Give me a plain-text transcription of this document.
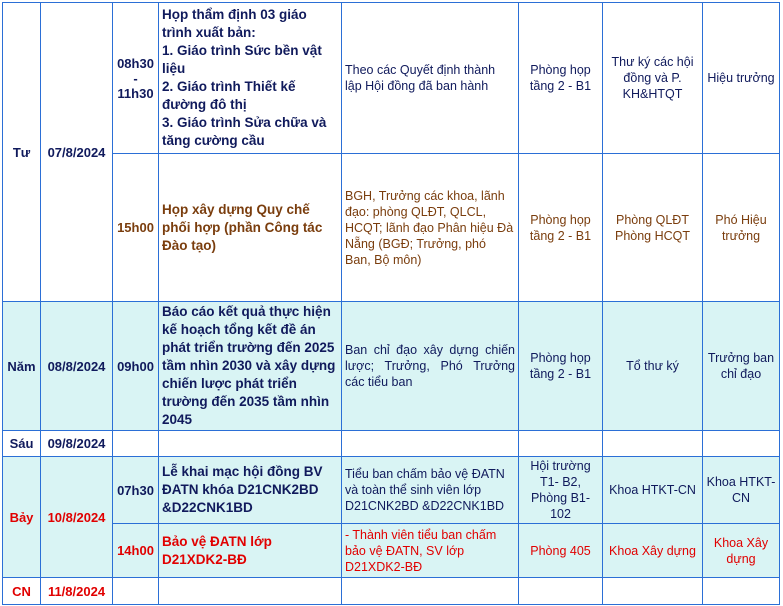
Tư	07/8/2024	08h30
-
11h30	Họp thẩm định 03 giáo trình xuất bản:
1. Giáo trình Sức bền vật liệu
2. Giáo trình Thiết kế đường đô thị
3. Giáo trình Sửa chữa và tăng cường cầu	Theo các Quyết định thành lập Hội đồng đã ban hành	Phòng họp tầng 2 - B1	Thư ký các hội đồng và P. KH&HTQT	Hiệu trưởng
		15h00	Họp xây dựng Quy chế phối hợp (phần Công tác Đào tạo)	BGH, Trưởng các khoa, lãnh đạo: phòng QLĐT, QLCL, HCQT; lãnh đạo Phân hiệu Đà Nẵng (BGĐ; Trưởng, phó Ban, Bộ môn)	Phòng họp tầng 2 - B1	Phòng QLĐT Phòng HCQT	Phó Hiệu trưởng
Năm	08/8/2024	09h00	Báo cáo kết quả thực hiện kế hoạch tổng kết đề án phát triển trường đến 2025 tầm nhìn 2030 và xây dựng chiến lược phát triển trường đến 2035 tầm nhìn 2045	Ban chỉ đạo xây dựng chiến lược; Trưởng, Phó Trưởng các tiểu ban	Phòng họp tầng 2 - B1	Tổ thư ký	Trưởng ban chỉ đạo
Sáu	09/8/2024						
Bảy	10/8/2024	07h30	Lễ khai mạc hội đồng BV ĐATN khóa D21CNK2BD &D22CNK1BD	Tiểu ban chấm bảo vệ ĐATN và toàn thể sinh viên lớp D21CNK2BD &D22CNK1BD	Hội trường T1- B2, Phòng B1-102	Khoa HTKT-CN	Khoa HTKT-CN
		14h00	Bảo vệ ĐATN lớp D21XDK2-BĐ	- Thành viên tiểu ban chấm bảo vệ ĐATN, SV lớp D21XDK2-BĐ	Phòng 405	Khoa Xây dựng	Khoa Xây dựng
CN	11/8/2024						
